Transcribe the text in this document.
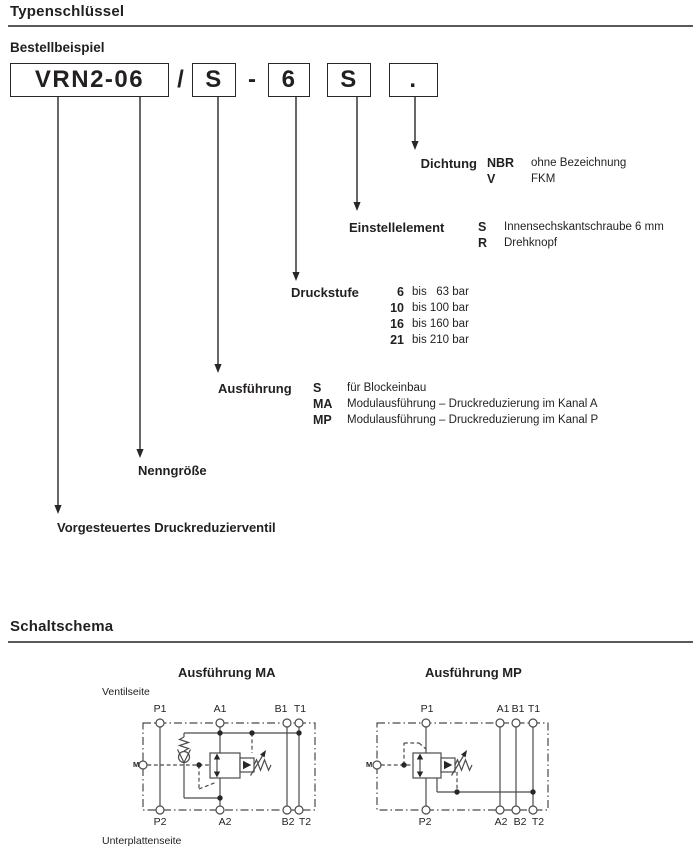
Typenschlüssel
Bestellbeispiel
VRN2-06	/ S	-	6	S	.
Dichtung NBR ohne Bezeichnung
V	FKM
Einstellelement	S Innensechskantschraube 6 mm
R Drehknopf
Druckstufe	6 bis   63 bar
10 bis 100 bar
16 bis 160 bar
21 bis 210 bar
Ausführung S für Blockeinbau
MA Modulausführung – Druckreduzierung im Kanal A
MP Modulausführung – Druckreduzierung im Kanal P
Nenngröße
Vorgesteuertes Druckreduzierventil
Schaltschema
Ausführung MA	Ausführung MP
Ventilseite
Unterplattenseite
P1	A1	B1 T1
P2	A2	B2 T2
M
P1	A1 B1 T1
P2	A2 B2 T2
M
